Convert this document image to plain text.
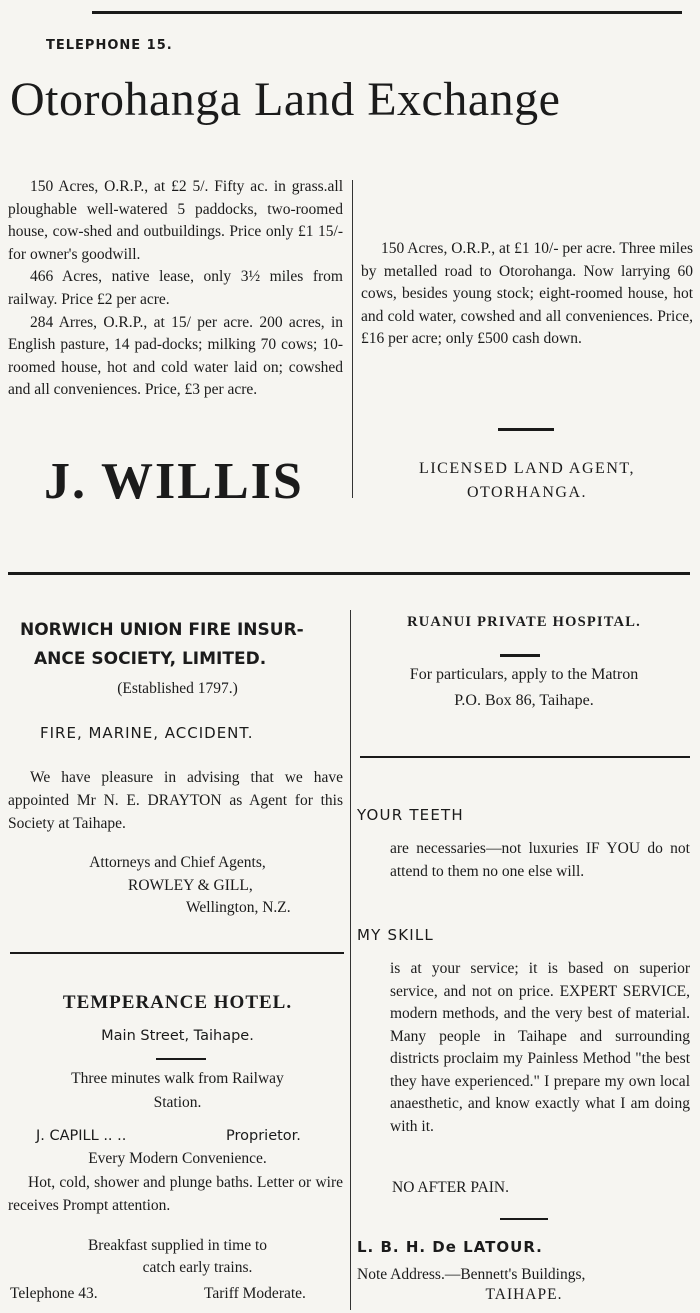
TELEPHONE 15.
Otorohanga Land Exchange

150 Acres, O.R.P., at £2 5/. Fifty ac. in grass.all ploughable well-watered 5 paddocks, two-roomed house, cow-shed and outbuildings. Price only £1 15/- for owner's goodwill.

466 Acres, native lease, only 3½ miles from railway. Price £2 per acre.

284 Arres, O.R.P., at 15/ per acre. 200 acres, in English pasture, 14 pad-docks; milking 70 cows; 10-roomed house, hot and cold water laid on; cowshed and all conveniences. Price, £3 per acre.

150 Acres, O.R.P., at £1 10/- per acre. Three miles by metalled road to Otorohanga. Now larrying 60 cows, besides young stock; eight-roomed house, hot and cold water, cowshed and all conveniences. Price, £16 per acre; only £500 cash down.

J. WILLIS	LICENSED LAND AGENT,
OTORHANGA.
NORWICH UNION FIRE INSUR-
ANCE SOCIETY, LIMITED.
(Established 1797.)
FIRE, MARINE, ACCIDENT.

We have pleasure in advising that we have appointed Mr N. E. DRAYTON as Agent for this Society at Taihape.

Attorneys and Chief Agents,
ROWLEY & GILL,
Wellington, N.Z.
TEMPERANCE HOTEL.
Main Street, Taihape.
Three minutes walk from Railway
Station.
J. CAPILL .. ..	Proprietor.
Every Modern Convenience.

Hot, cold, shower and plunge baths. Letter or wire receives Prompt attention.

Breakfast supplied in time to
catch early trains.
Telephone 43.	Tariff Moderate.
RUANUI PRIVATE HOSPITAL.
For particulars, apply to the Matron
P.O. Box 86, Taihape.
YOUR TEETH

are necessaries—not luxuries IF YOU do not attend to them no one else will.

MY SKILL

is at your service; it is based on superior service, and not on price. EXPERT SERVICE, modern methods, and the very best of material. Many people in Taihape and surrounding districts proclaim my Painless Method "the best they have experienced." I prepare my own local anaesthetic, and know exactly what I am doing with it.

NO AFTER PAIN.
L. B. H. De LATOUR.
Note Address.—Bennett's Buildings,
TAIHAPE.
